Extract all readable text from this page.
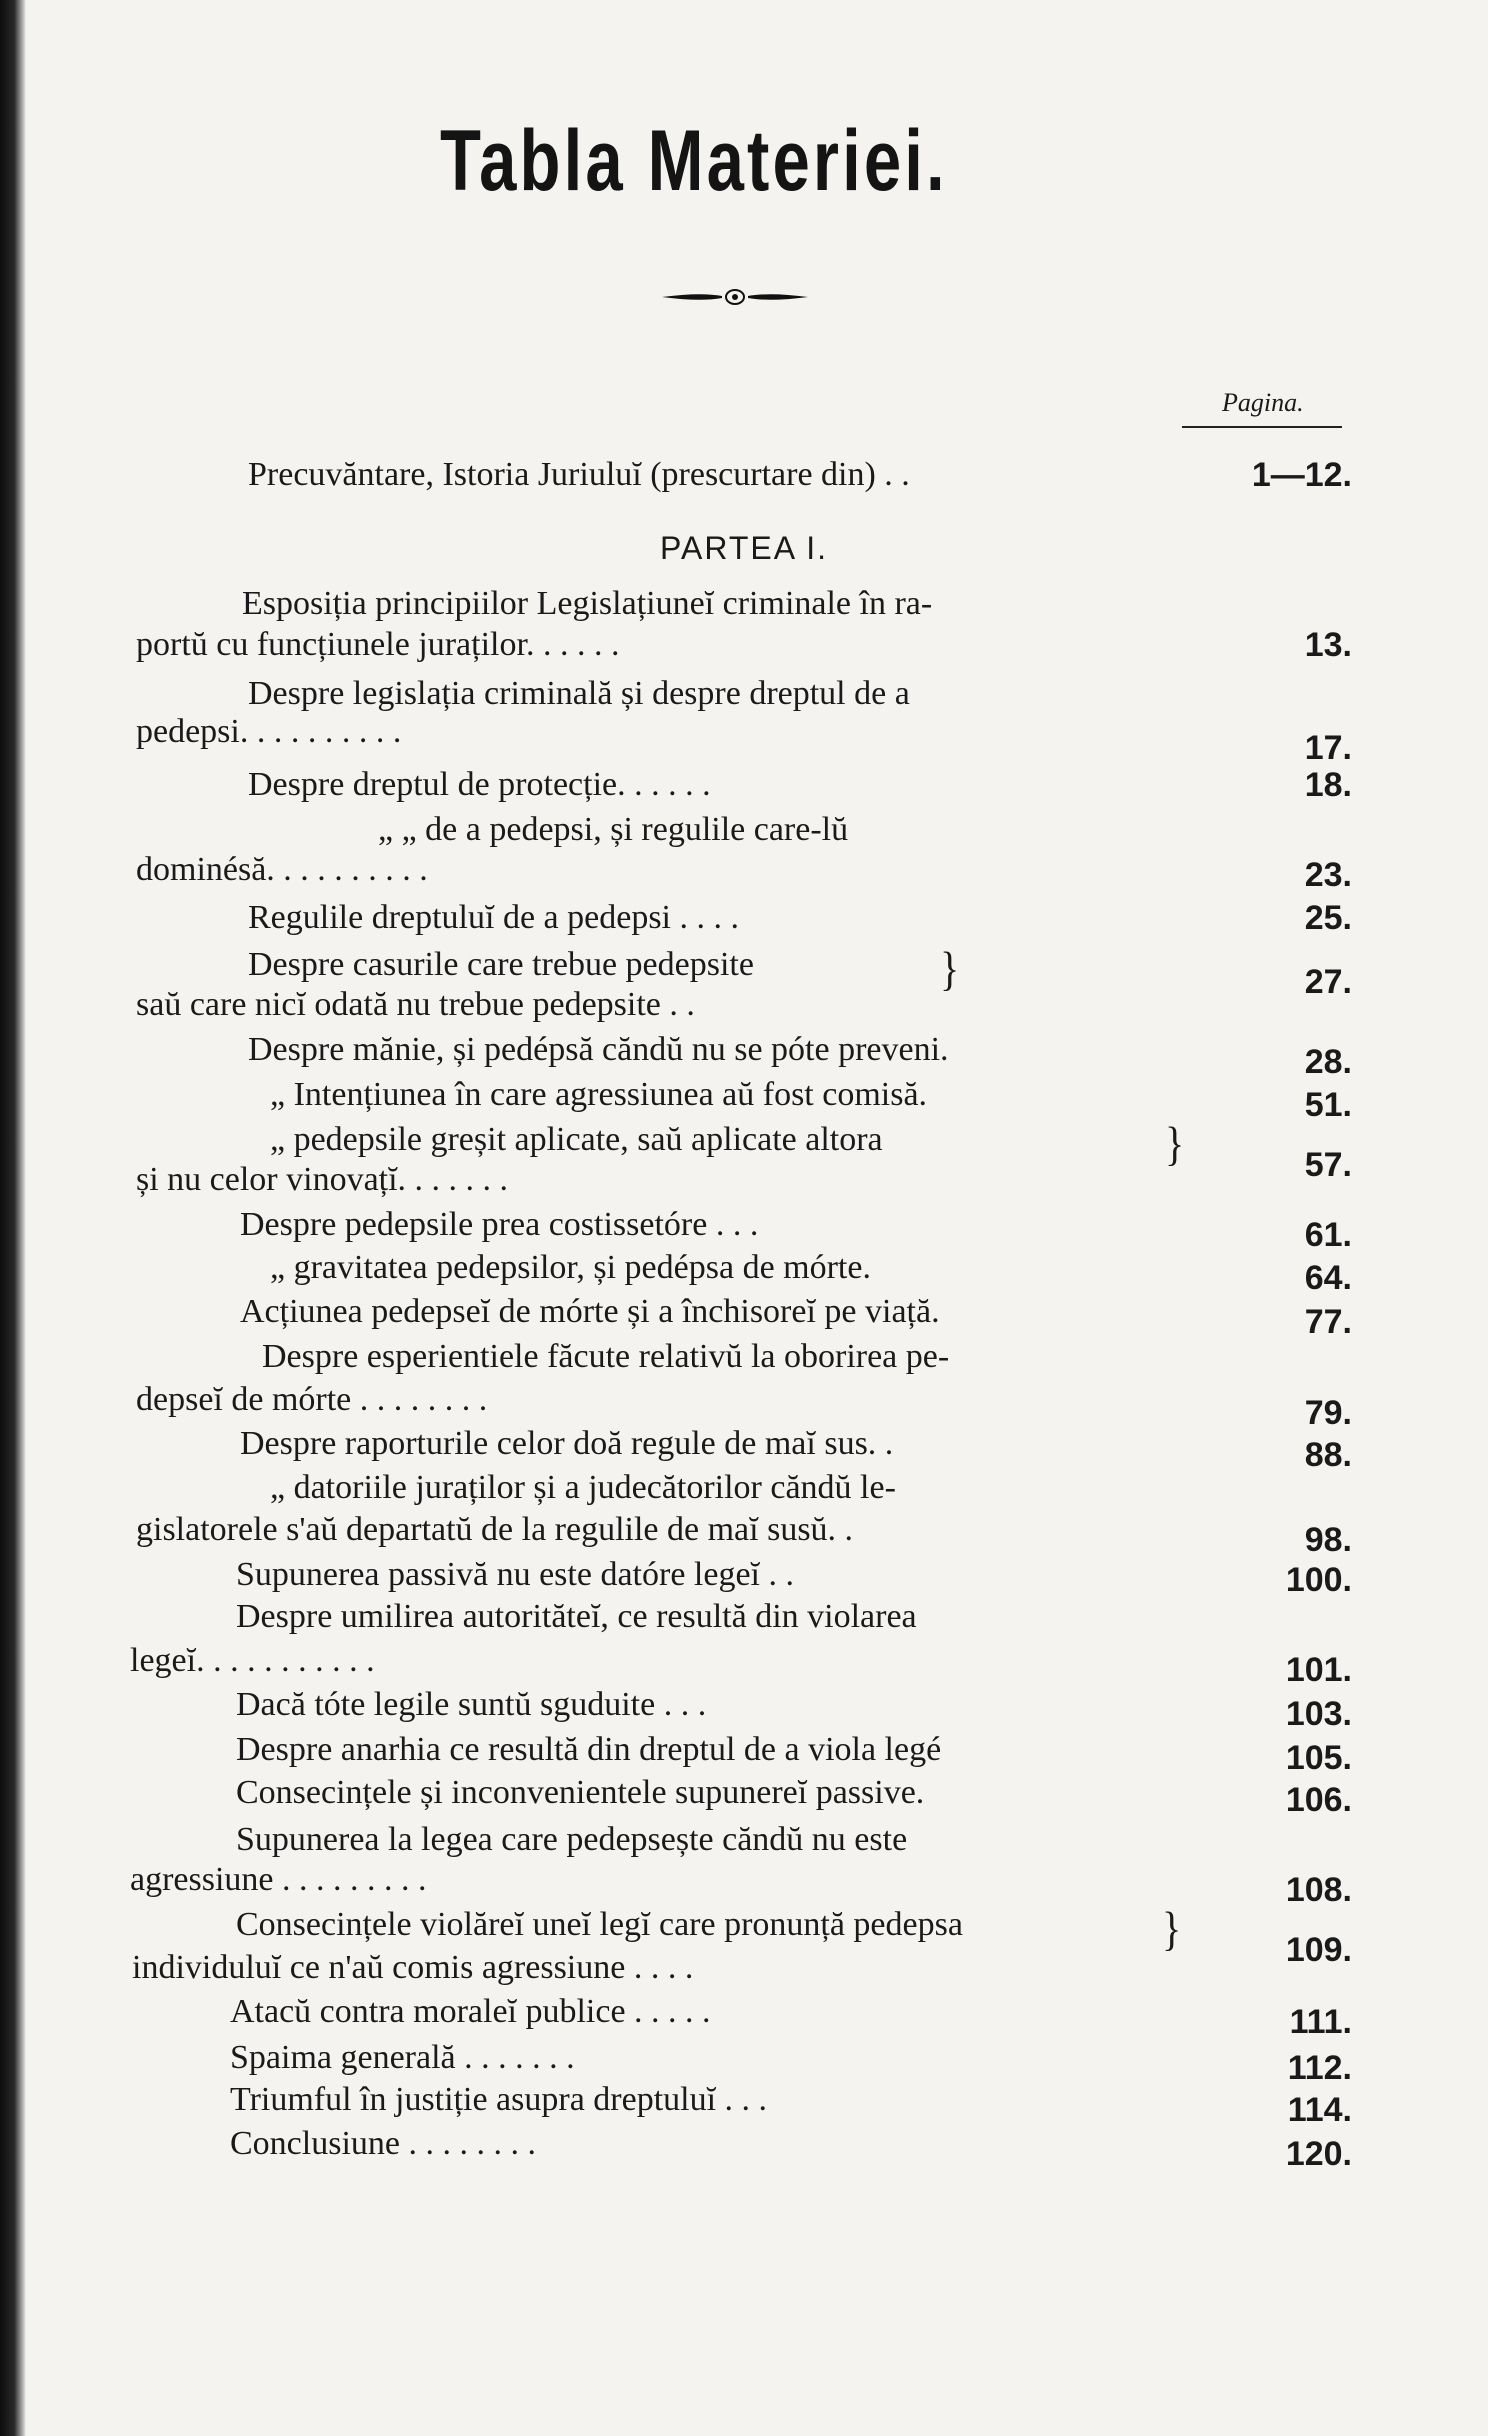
Tabla Materiei.
Pagina.
PARTEA I.
Precuvăntare, Istoria Juriuluĭ (prescurtare din) . .	1—12.
Esposiția principiilor Legislațiuneĭ criminale în ra-
portŭ cu funcțiunele juraților. . . . . .	13.
Despre legislația criminală și despre dreptul de a
pedepsi. . . . . . . . . .	17.
Despre dreptul de protecție. . . . . .	18.
„ „ de a pedepsi, și regulile care-lŭ
dominésă. . . . . . . . . .	23.
Regulile dreptuluĭ de a pedepsi . . . .	25.
Despre casurile care trebue pedepsite
saŭ care nicĭ odată nu trebue pedepsite . .
27.
}
Despre mănie, și pedépsă căndŭ nu se póte preveni.	28.
„ Intențiunea în care agressiunea aŭ fost comisă.	51.
„ pedepsile greșit aplicate, saŭ aplicate altora
și nu celor vinovațĭ. . . . . . .	57.
}
Despre pedepsile prea costissetóre . . .	61.
„ gravitatea pedepsilor, și pedépsa de mórte.	64.
Acțiunea pedepseĭ de mórte și a închisoreĭ pe viață.	77.
Despre esperientiele făcute relativŭ la oborirea pe-
depseĭ de mórte . . . . . . . .	79.
Despre raporturile celor doă regule de maĭ sus. .	88.
„ datoriile juraților și a judecătorilor căndŭ le-
gislatorele s'aŭ departatŭ de la regulile de maĭ susŭ. .	98.
Supunerea passivă nu este datóre legeĭ . .	100.
Despre umilirea autorităteĭ, ce resultă din violarea
legeĭ. . . . . . . . . . .	101.
Dacă tóte legile suntŭ sguduite . . .	103.
Despre anarhia ce resultă din dreptul de a viola legé	105.
Consecințele și inconvenientele supunereĭ passive.	106.
Supunerea la legea care pedepsește căndŭ nu este
agressiune . . . . . . . . .	108.
Consecințele violăreĭ uneĭ legĭ care pronunță pedepsa
individuluĭ ce n'aŭ comis agressiune . . . .	109.
}
Atacŭ contra moraleĭ publice . . . . .	111.
Spaima generală . . . . . . .	112.
Triumful în justiție asupra dreptuluĭ . . .	114.
Conclusiune . . . . . . . .	120.
